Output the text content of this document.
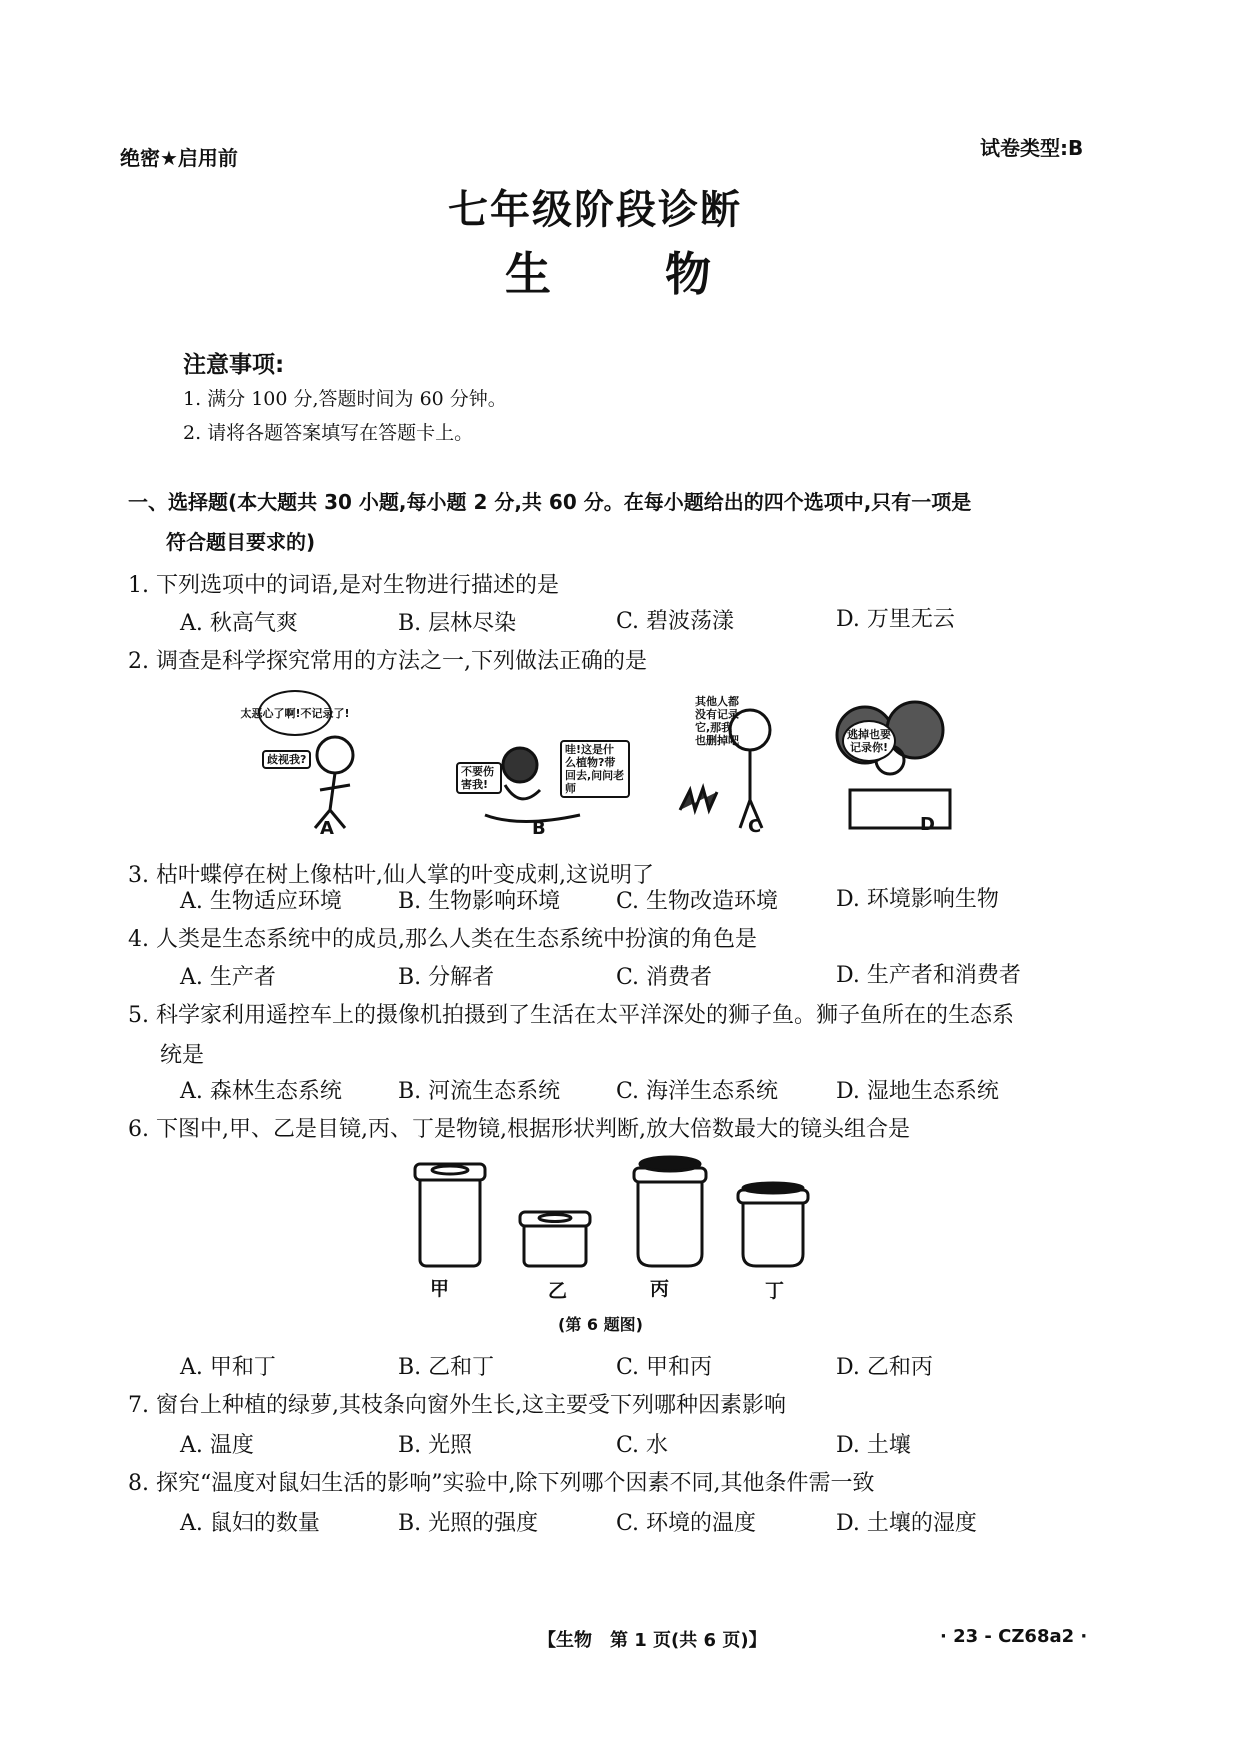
绝密★启用前	试卷类型:B
七年级阶段诊断
生 物
注意事项:
1. 满分 100 分,答题时间为 60 分钟。
2. 请将各题答案填写在答题卡上。
一、选择题(本大题共 30 小题,每小题 2 分,共 60 分。在每小题给出的四个选项中,只有一项是
符合题目要求的)
1. 下列选项中的词语,是对生物进行描述的是
A. 秋高气爽	B. 层林尽染	C. 碧波荡漾	D. 万里无云
2. 调查是科学探究常用的方法之一,下列做法正确的是
太恶心了啊!不记录了!
歧视我?
不要伤害我!
哇!这是什么植物?带回去,问问老师
其他人都没有记录它,那我也删掉吧	逃掉也要记录你!
A	B	C	D
3. 枯叶蝶停在树上像枯叶,仙人掌的叶变成刺,这说明了
A. 生物适应环境	B. 生物影响环境	C. 生物改造环境	D. 环境影响生物
4. 人类是生态系统中的成员,那么人类在生态系统中扮演的角色是
A. 生产者	B. 分解者	C. 消费者	D. 生产者和消费者
5. 科学家利用遥控车上的摄像机拍摄到了生活在太平洋深处的狮子鱼。狮子鱼所在的生态系
统是
A. 森林生态系统	B. 河流生态系统	C. 海洋生态系统	D. 湿地生态系统
6. 下图中,甲、乙是目镜,丙、丁是物镜,根据形状判断,放大倍数最大的镜头组合是
甲	乙	丙	丁
(第 6 题图)
A. 甲和丁	B. 乙和丁	C. 甲和丙	D. 乙和丙
7. 窗台上种植的绿萝,其枝条向窗外生长,这主要受下列哪种因素影响
A. 温度	B. 光照	C. 水	D. 土壤
8. 探究“温度对鼠妇生活的影响”实验中,除下列哪个因素不同,其他条件需一致
A. 鼠妇的数量	B. 光照的强度	C. 环境的温度	D. 土壤的湿度
【生物　第 1 页(共 6 页)】	· 23 - CZ68a2 ·
